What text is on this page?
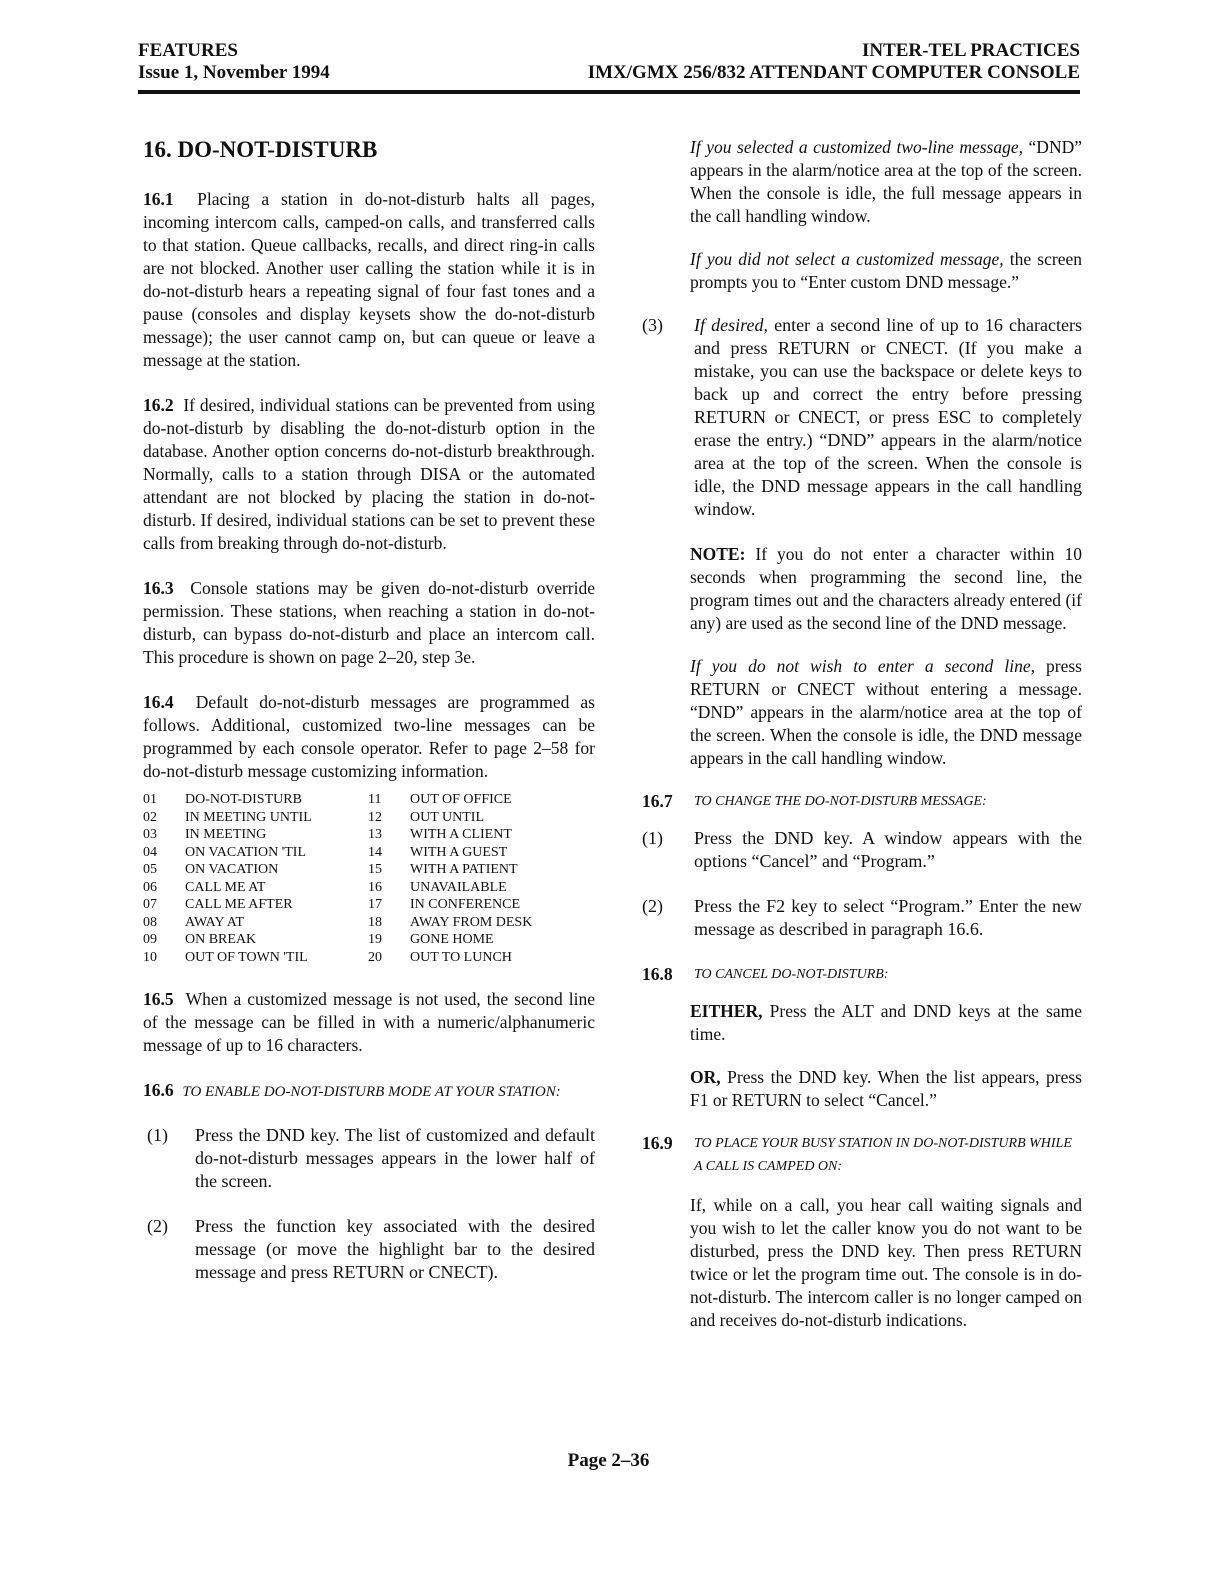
FEATURES
Issue 1, November 1994
INTER-TEL PRACTICES
IMX/GMX 256/832 ATTENDANT COMPUTER CONSOLE
16. DO-NOT-DISTURB

16.1 Placing a station in do-not-disturb halts all pages, incoming intercom calls, camped-on calls, and transferred calls to that station. Queue callbacks, recalls, and direct ring-in calls are not blocked. Another user calling the station while it is in do-not-disturb hears a repeating signal of four fast tones and a pause (consoles and display keysets show the do-not-disturb message); the user cannot camp on, but can queue or leave a message at the station.

16.2 If desired, individual stations can be prevented from using do-not-disturb by disabling the do-not-disturb option in the database. Another option concerns do-not-disturb breakthrough. Normally, calls to a station through DISA or the automated attendant are not blocked by placing the station in do-not-disturb. If desired, individual stations can be set to prevent these calls from breaking through do-not-disturb.

16.3 Console stations may be given do-not-disturb override permission. These stations, when reaching a station in do-not-disturb, can bypass do-not-disturb and place an intercom call. This procedure is shown on page 2–20, step 3e.

16.4 Default do-not-disturb messages are programmed as follows. Additional, customized two-line messages can be programmed by each console operator. Refer to page 2–58 for do-not-disturb message customizing information.

01	DO-NOT-DISTURB
02	IN MEETING UNTIL
03	IN MEETING
04	ON VACATION 'TIL
05	ON VACATION
06	CALL ME AT
07	CALL ME AFTER
08	AWAY AT
09	ON BREAK
10	OUT OF TOWN 'TIL
11	OUT OF OFFICE
12	OUT UNTIL
13	WITH A CLIENT
14	WITH A GUEST
15	WITH A PATIENT
16	UNAVAILABLE
17	IN CONFERENCE
18	AWAY FROM DESK
19	GONE HOME
20	OUT TO LUNCH

16.5 When a customized message is not used, the second line of the message can be filled in with a numeric/alphanumeric message of up to 16 characters.

16.6 TO ENABLE DO-NOT-DISTURB MODE AT YOUR STATION:

(1)	Press the DND key. The list of customized and default do-not-disturb messages appears in the lower half of the screen.
(2)	Press the function key associated with the desired message (or move the highlight bar to the desired message and press RETURN or CNECT).

If you selected a customized two-line message, “DND” appears in the alarm/notice area at the top of the screen. When the console is idle, the full message appears in the call handling window.

If you did not select a customized message, the screen prompts you to “Enter custom DND message.”

(3)	If desired, enter a second line of up to 16 characters and press RETURN or CNECT. (If you make a mistake, you can use the backspace or delete keys to back up and correct the entry before pressing RETURN or CNECT, or press ESC to completely erase the entry.) “DND” appears in the alarm/notice area at the top of the screen. When the console is idle, the DND message appears in the call handling window.

NOTE: If you do not enter a character within 10 seconds when programming the second line, the program times out and the characters already entered (if any) are used as the second line of the DND message.

If you do not wish to enter a second line, press RETURN or CNECT without entering a message. “DND” appears in the alarm/notice area at the top of the screen. When the console is idle, the DND message appears in the call handling window.

16.7	TO CHANGE THE DO-NOT-DISTURB MESSAGE:
(1)	Press the DND key. A window appears with the options “Cancel” and “Program.”
(2)	Press the F2 key to select “Program.” Enter the new message as described in paragraph 16.6.
16.8	TO CANCEL DO-NOT-DISTURB:

EITHER, Press the ALT and DND keys at the same time.

OR, Press the DND key. When the list appears, press F1 or RETURN to select “Cancel.”

16.9	TO PLACE YOUR BUSY STATION IN DO-NOT-DISTURB WHILE A CALL IS CAMPED ON:

If, while on a call, you hear call waiting signals and you wish to let the caller know you do not want to be disturbed, press the DND key. Then press RETURN twice or let the program time out. The console is in do-not-disturb. The intercom caller is no longer camped on and receives do-not-disturb indications.

Page 2–36
